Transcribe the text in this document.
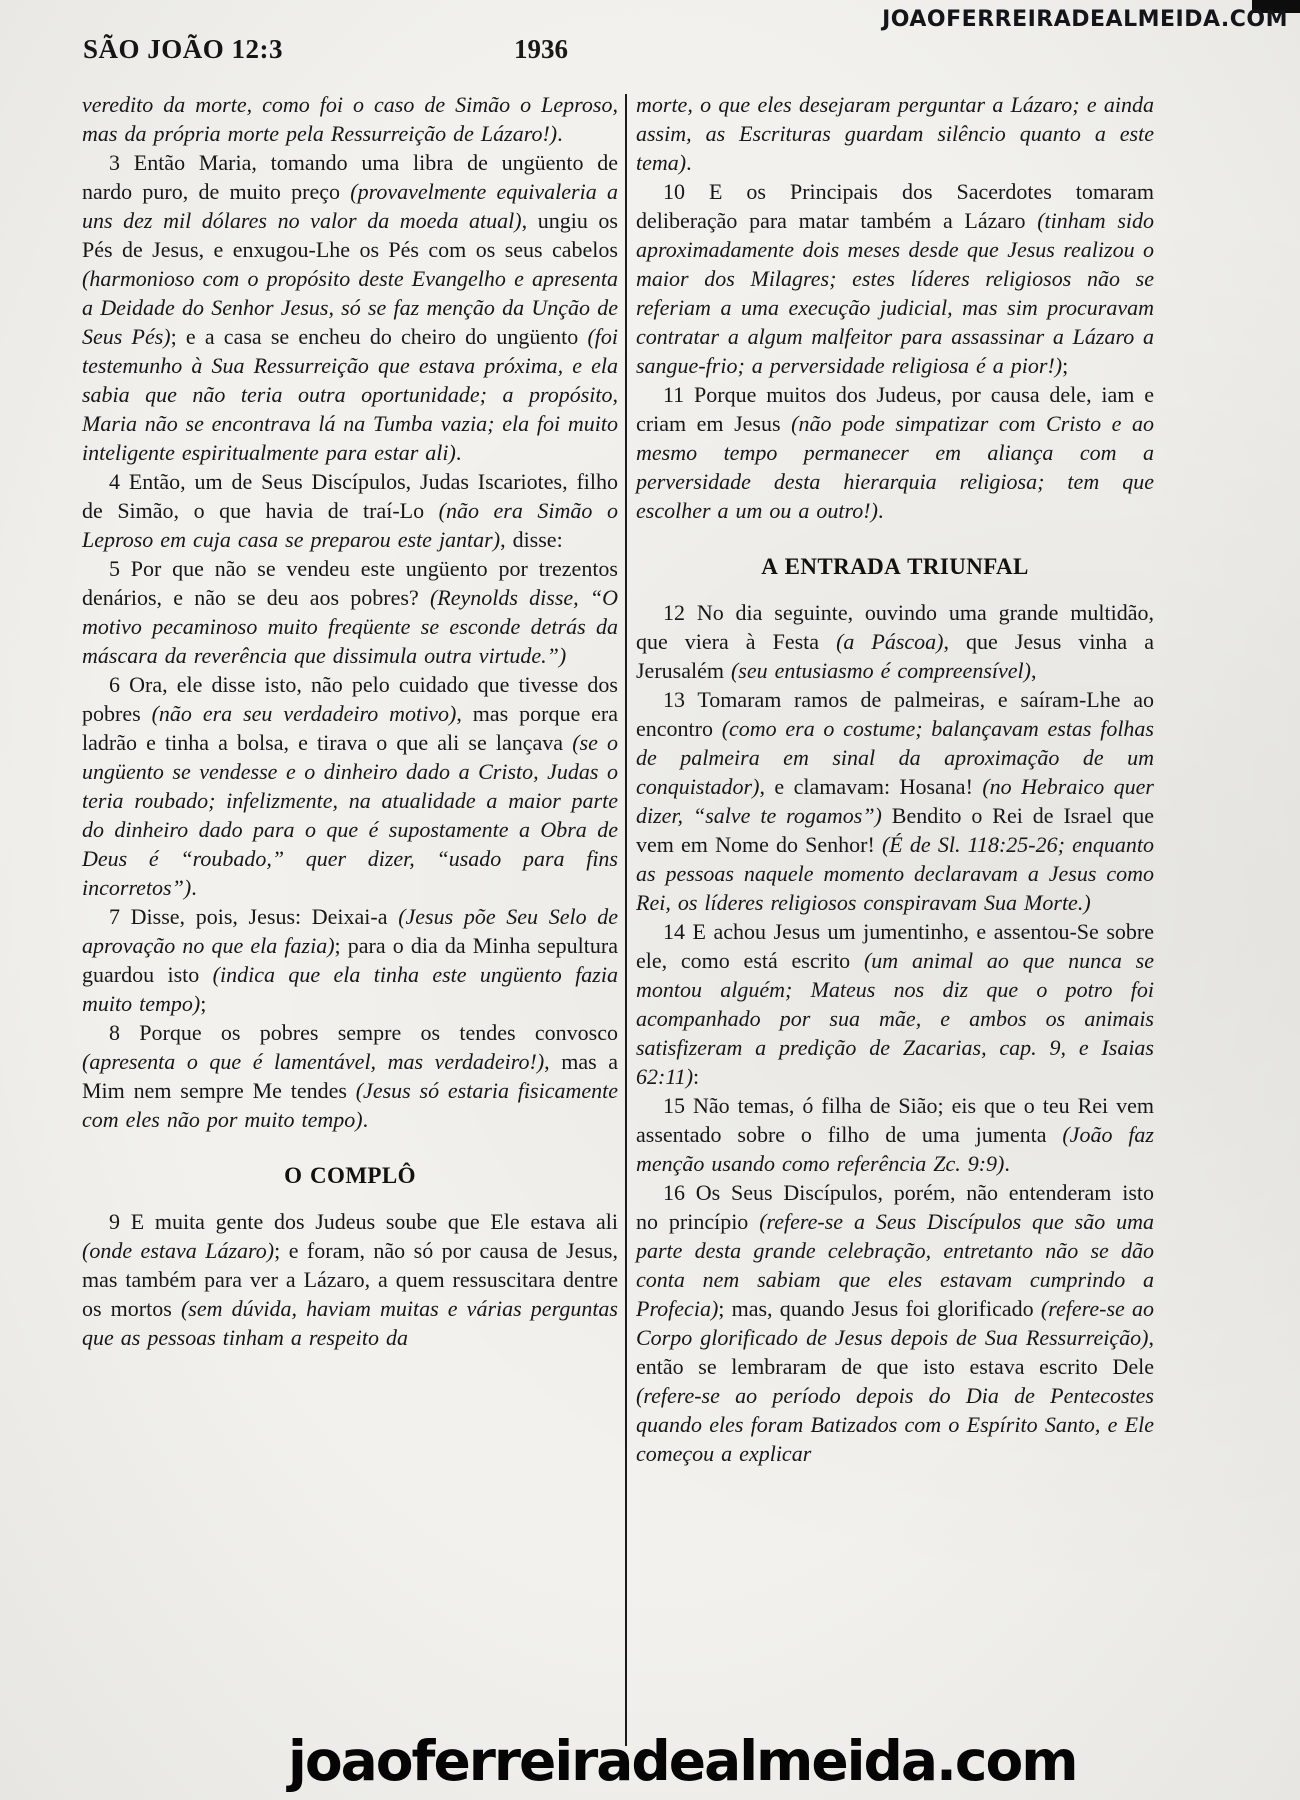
JOAOFERREIRADEALMEIDA.COM
SÃO JOÃO 12:3	1936

veredito da morte, como foi o caso de Simão o Leproso, mas da própria morte pela Ressurreição de Lázaro!).

3 Então Maria, tomando uma libra de ungüento de nardo puro, de muito preço (provavelmente equivaleria a uns dez mil dólares no valor da moeda atual), ungiu os Pés de Jesus, e enxugou-Lhe os Pés com os seus cabelos (harmonioso com o propósito deste Evangelho e apresenta a Deidade do Senhor Jesus, só se faz menção da Unção de Seus Pés); e a casa se encheu do cheiro do ungüento (foi testemunho à Sua Ressurreição que estava próxima, e ela sabia que não teria outra oportunidade; a propósito, Maria não se encontrava lá na Tumba vazia; ela foi muito inteligente espiritualmente para estar ali).

4 Então, um de Seus Discípulos, Judas Iscariotes, filho de Simão, o que havia de traí-Lo (não era Simão o Leproso em cuja casa se preparou este jantar), disse:

5 Por que não se vendeu este ungüento por trezentos denários, e não se deu aos pobres? (Reynolds disse, “O motivo pecaminoso muito freqüente se esconde detrás da máscara da reverência que dissimula outra virtude.”)

6 Ora, ele disse isto, não pelo cuidado que tivesse dos pobres (não era seu verdadeiro motivo), mas porque era ladrão e tinha a bolsa, e tirava o que ali se lançava (se o ungüento se vendesse e o dinheiro dado a Cristo, Judas o teria roubado; infelizmente, na atualidade a maior parte do dinheiro dado para o que é supostamente a Obra de Deus é “roubado,” quer dizer, “usado para fins incorretos”).

7 Disse, pois, Jesus: Deixai-a (Jesus põe Seu Selo de aprovação no que ela fazia); para o dia da Minha sepultura guardou isto (indica que ela tinha este ungüento fazia muito tempo);

8 Porque os pobres sempre os tendes convosco (apresenta o que é lamentável, mas verdadeiro!), mas a Mim nem sempre Me tendes (Jesus só estaria fisicamente com eles não por muito tempo).

O COMPLÔ

9 E muita gente dos Judeus soube que Ele estava ali (onde estava Lázaro); e foram, não só por causa de Jesus, mas também para ver a Lázaro, a quem ressuscitara dentre os mortos (sem dúvida, haviam muitas e várias perguntas que as pessoas tinham a respeito da

morte, o que eles desejaram perguntar a Lázaro; e ainda assim, as Escrituras guardam silêncio quanto a este tema).

10 E os Principais dos Sacerdotes tomaram deliberação para matar também a Lázaro (tinham sido aproximadamente dois meses desde que Jesus realizou o maior dos Milagres; estes líderes religiosos não se referiam a uma execução judicial, mas sim procuravam contratar a algum malfeitor para assassinar a Lázaro a sangue-frio; a perversidade religiosa é a pior!);

11 Porque muitos dos Judeus, por causa dele, iam e criam em Jesus (não pode simpatizar com Cristo e ao mesmo tempo permanecer em aliança com a perversidade desta hierarquia religiosa; tem que escolher a um ou a outro!).

A ENTRADA TRIUNFAL

12 No dia seguinte, ouvindo uma grande multidão, que viera à Festa (a Páscoa), que Jesus vinha a Jerusalém (seu entusiasmo é compreensível),

13 Tomaram ramos de palmeiras, e saíram-Lhe ao encontro (como era o costume; balançavam estas folhas de palmeira em sinal da aproximação de um conquistador), e clamavam: Hosana! (no Hebraico quer dizer, “salve te rogamos”) Bendito o Rei de Israel que vem em Nome do Senhor! (É de Sl. 118:25-26; enquanto as pessoas naquele momento declaravam a Jesus como Rei, os líderes religiosos conspiravam Sua Morte.)

14 E achou Jesus um jumentinho, e assentou-Se sobre ele, como está escrito (um animal ao que nunca se montou alguém; Mateus nos diz que o potro foi acompanhado por sua mãe, e ambos os animais satisfizeram a predição de Zacarias, cap. 9, e Isaias 62:11):

15 Não temas, ó filha de Sião; eis que o teu Rei vem assentado sobre o filho de uma jumenta (João faz menção usando como referência Zc. 9:9).

16 Os Seus Discípulos, porém, não entenderam isto no princípio (refere-se a Seus Discípulos que são uma parte desta grande celebração, entretanto não se dão conta nem sabiam que eles estavam cumprindo a Profecia); mas, quando Jesus foi glorificado (refere-se ao Corpo glorificado de Jesus depois de Sua Ressurreição), então se lembraram de que isto estava escrito Dele (refere-se ao período depois do Dia de Pentecostes quando eles foram Batizados com o Espírito Santo, e Ele começou a explicar

joaoferreiradealmeida.com
